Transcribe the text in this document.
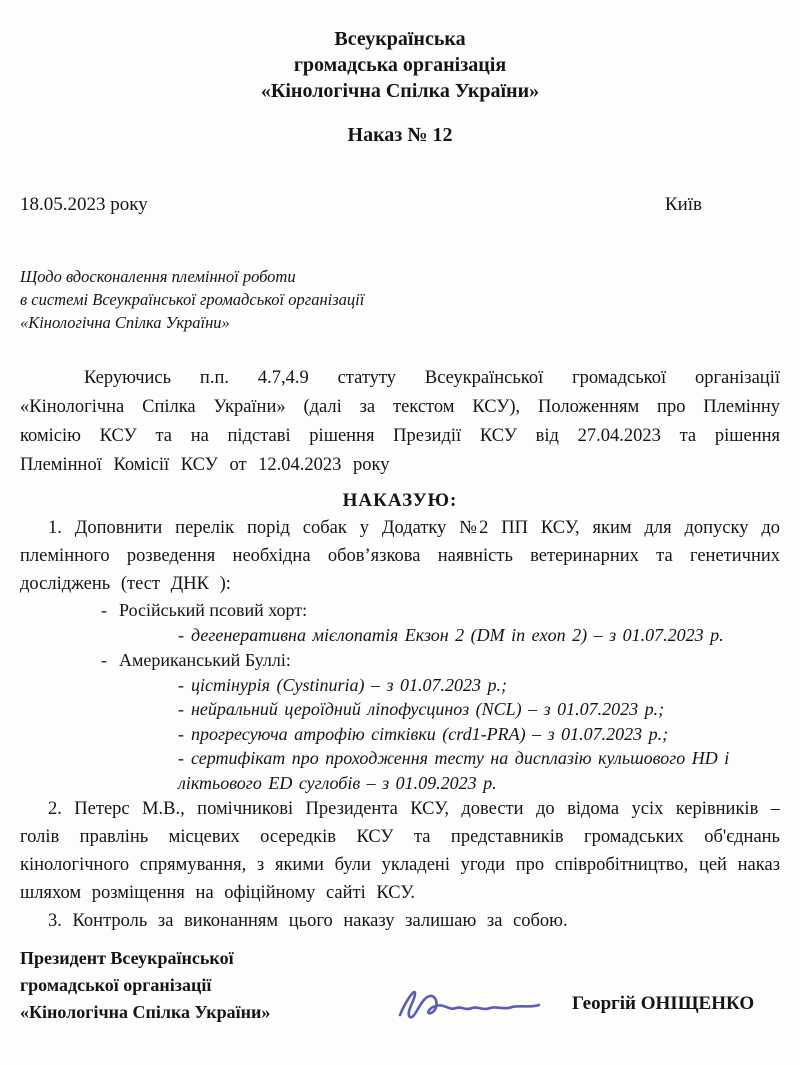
Всеукраїнська
громадська організація
«Кінологічна Спілка України»
Наказ № 12
18.05.2023 року	Київ
Щодо вдосконалення племінної роботи
в системі Всеукраїнської громадської організації
«Кінологічна Спілка України»

Керуючись п.п. 4.7,4.9 статуту Всеукраїнської громадської організації «Кінологічна Спілка України» (далі за текстом КСУ), Положенням про Племінну комісію КСУ та на підставі рішення Президії КСУ від 27.04.2023 та рішення Племінної Комісії КСУ от 12.04.2023 року

НАКАЗУЮ:

1. Доповнити перелік порід собак у Додатку №2 ПП КСУ, яким для допуску до племінного розведення необхідна обов’язкова наявність ветеринарних та генетичних досліджень (тест ДНК ):

- Російський псовий хорт:
- дегенеративна мієлопатія Екзон 2 (DM in exon 2) – з 01.07.2023 р.
- Американський Буллі:
- цістінурія (Cystinuria) – з 01.07.2023 р.;
- нейральний цероїдний ліпофусциноз (NCL) – з 01.07.2023 р.;
- прогресуюча атрофію сітківки (crd1-PRA) – з 01.07.2023 р.;
- сертифікат про проходження тесту на дисплазію кульшового HD і ліктьового ED суглобів – з 01.09.2023 р.

2. Петерс М.В., помічникові Президента КСУ, довести до відома усіх керівників – голів правлінь місцевих осередків КСУ та представників громадських об'єднань кінологічного спрямування, з якими були укладені угоди про співробітництво, цей наказ шляхом розміщення на офіційному сайті КСУ.

3. Контроль за виконанням цього наказу залишаю за собою.

Президент Всеукраїнської
громадської організації
«Кінологічна Спілка України»	Георгій ОНІЩЕНКО
